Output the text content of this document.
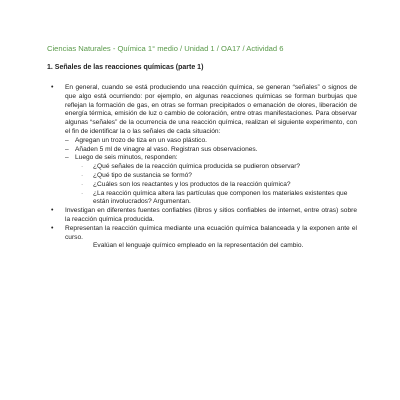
Ciencias Naturales - Química 1° medio / Unidad 1 / OA17 / Actividad 6
1. Señales de las reacciones químicas (parte 1)
• En general, cuando se está produciendo una reacción química, se generan “señales” o signos de que algo está ocurriendo: por ejemplo, en algunas reacciones químicas se forman burbujas que reflejan la formación de gas, en otras se forman precipitados o emanación de olores, liberación de energía térmica, emisión de luz o cambio de coloración, entre otras manifestaciones. Para observar algunas “señales” de la ocurrencia de una reacción química, realizan el siguiente experimento, con el fin de identificar la o las señales de cada situación:
– Agregan un trozo de tiza en un vaso plástico.
– Añaden 5 ml de vinagre al vaso. Registran sus observaciones.
– Luego de seis minutos, responden:
· ¿Qué señales de la reacción química producida se pudieron observar?
· ¿Qué tipo de sustancia se formó?
· ¿Cuáles son los reactantes y los productos de la reacción química?
· ¿La reacción química altera las partículas que componen los materiales existentes que están involucrados? Argumentan.
• Investigan en diferentes fuentes confiables (libros y sitios confiables de internet, entre otras) sobre la reacción química producida.
• Representan la reacción química mediante una ecuación química balanceada y la exponen ante el curso.
Evalúan el lenguaje químico empleado en la representación del cambio.
